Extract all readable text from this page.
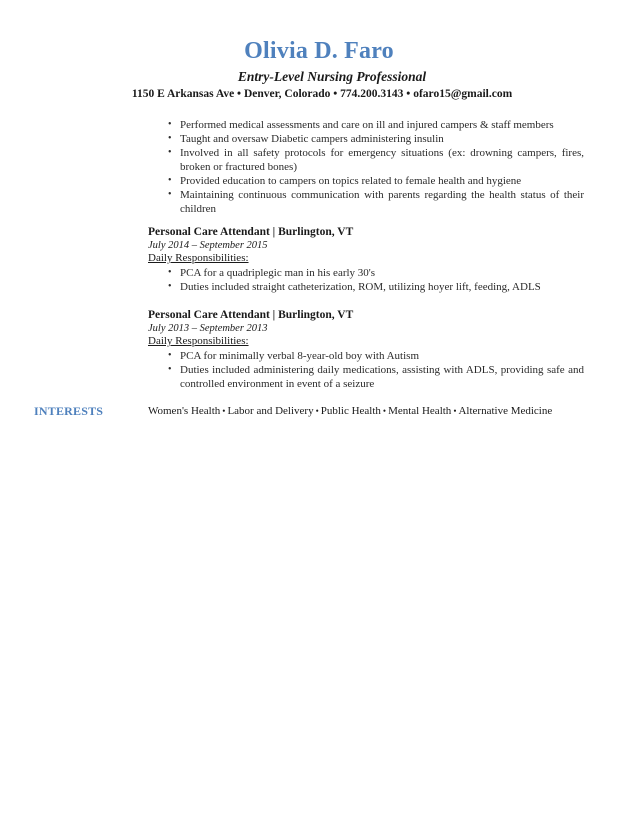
Olivia D. Faro
Entry-Level Nursing Professional
1150 E Arkansas Ave • Denver, Colorado • 774.200.3143 • ofaro15@gmail.com
• Performed medical assessments and care on ill and injured campers & staff members
• Taught and oversaw Diabetic campers administering insulin
• Involved in all safety protocols for emergency situations (ex: drowning campers, fires, broken or fractured bones)
• Provided education to campers on topics related to female health and hygiene
• Maintaining continuous communication with parents regarding the health status of their children
Personal Care Attendant | Burlington, VT
July 2014 – September 2015
Daily Responsibilities:
• PCA for a quadriplegic man in his early 30's
• Duties included straight catheterization, ROM, utilizing hoyer lift, feeding, ADLS
Personal Care Attendant | Burlington, VT
July 2013 – September 2013
Daily Responsibilities:
• PCA for minimally verbal 8-year-old boy with Autism
• Duties included administering daily medications, assisting with ADLS, providing safe and controlled environment in event of a seizure
INTERESTS	Women's Health • Labor and Delivery • Public Health • Mental Health • Alternative Medicine
